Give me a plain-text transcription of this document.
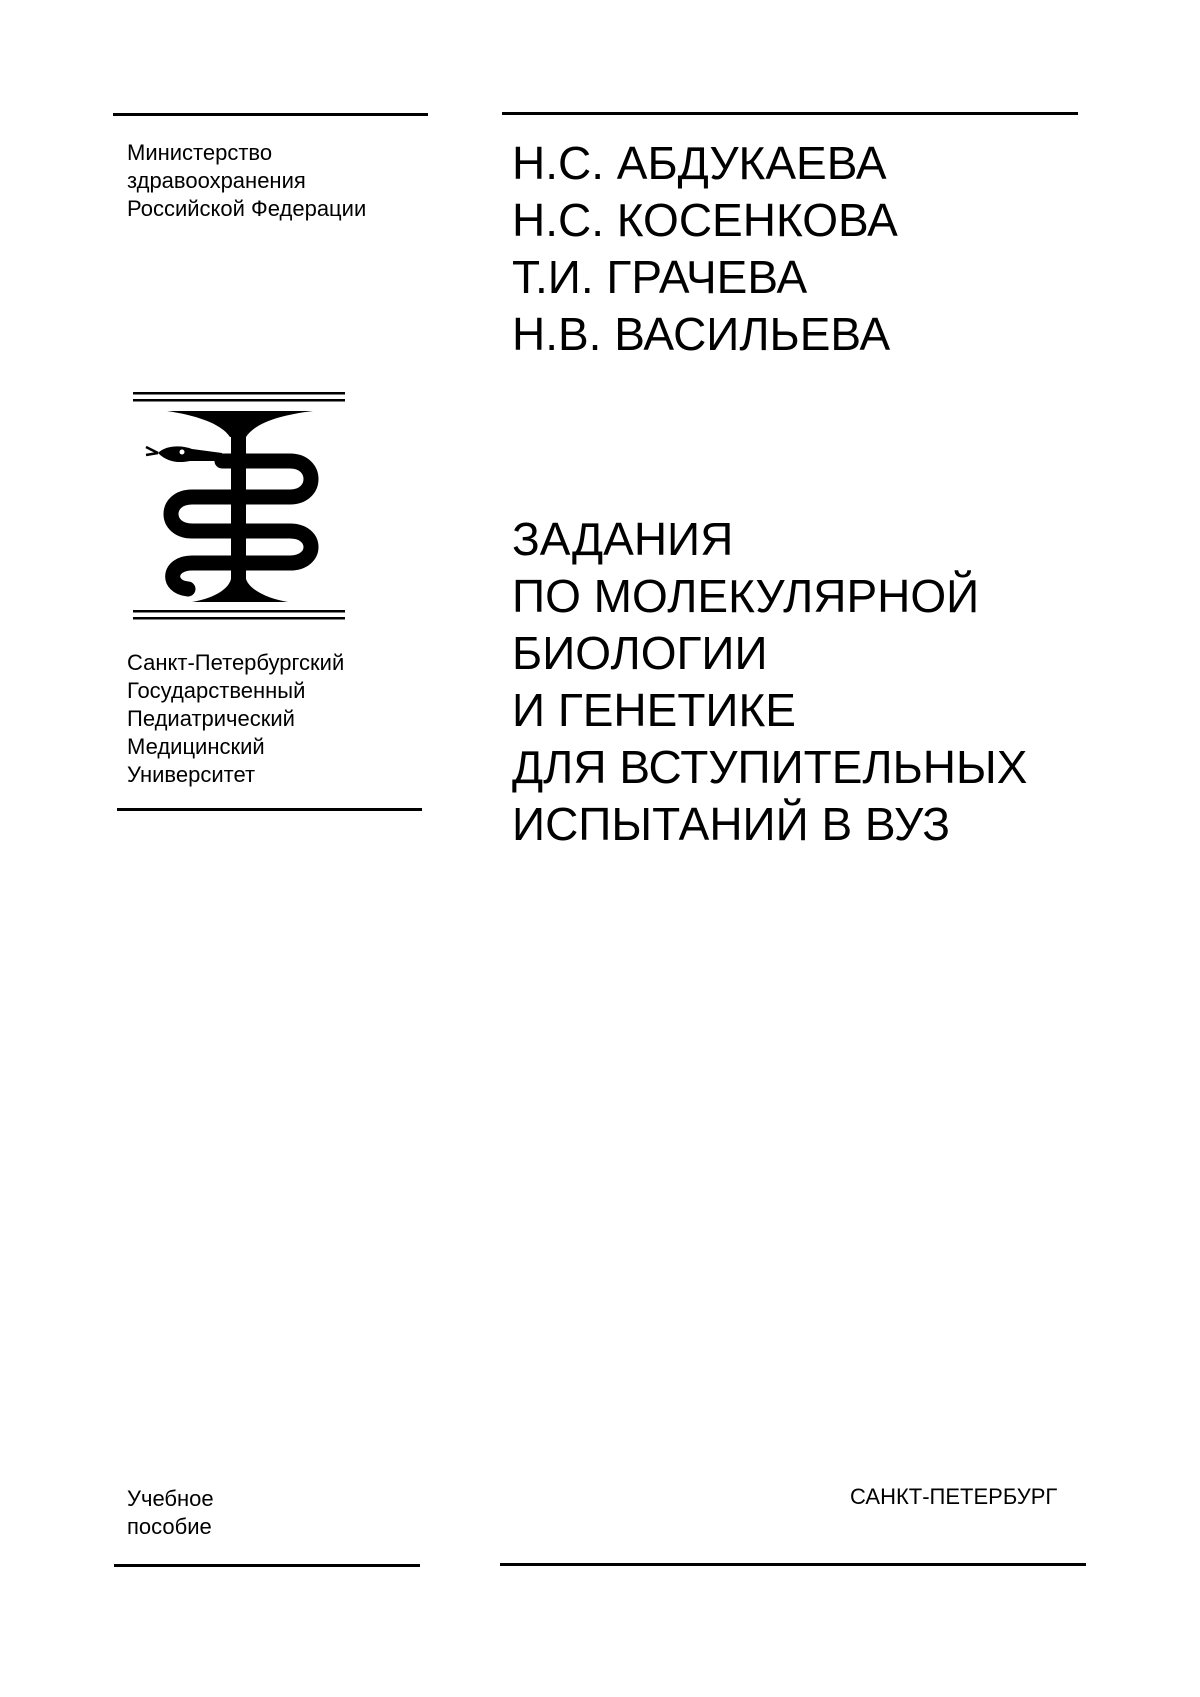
Министерство
здравоохранения
Российской Федерации
Н.С. АБДУКАЕВА
Н.С. КОСЕНКОВА
Т.И. ГРАЧЕВА
Н.В. ВАСИЛЬЕВА
Санкт-Петербургский
Государственный
Педиатрический
Медицинский
Университет
ЗАДАНИЯ
ПО МОЛЕКУЛЯРНОЙ
БИОЛОГИИ
И ГЕНЕТИКЕ
ДЛЯ ВСТУПИТЕЛЬНЫХ
ИСПЫТАНИЙ В ВУЗ
Учебное
пособие
САНКТ-ПЕТЕРБУРГ
